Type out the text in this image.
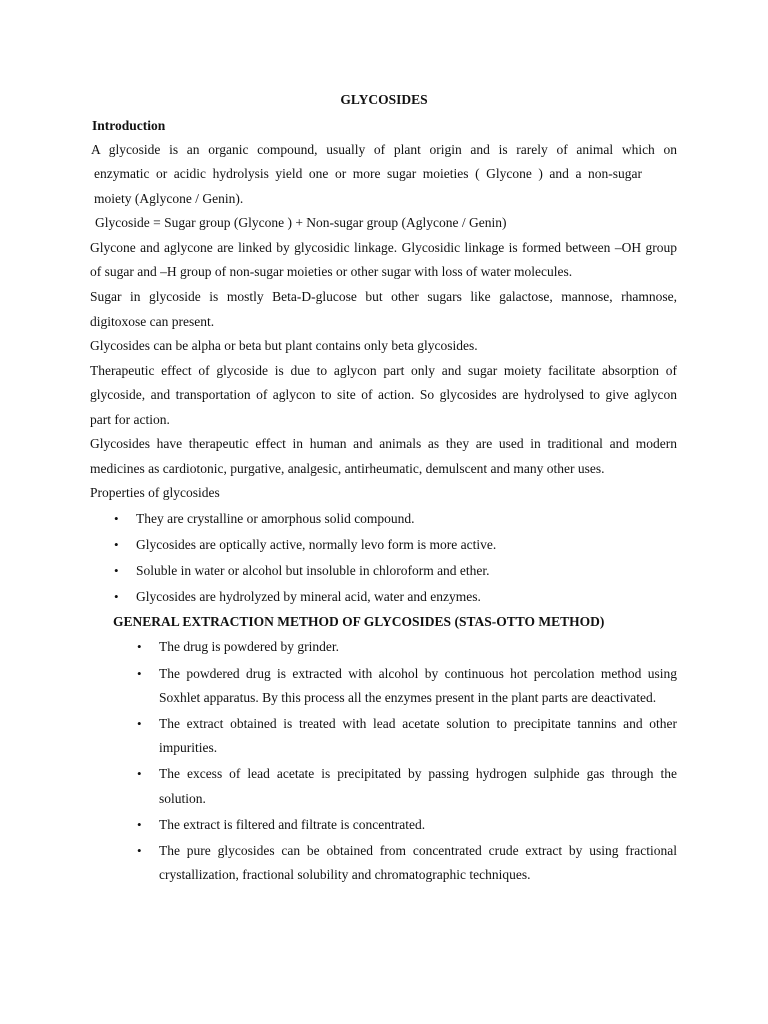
GLYCOSIDES
Introduction
A glycoside is an organic compound, usually of plant origin and is rarely of animal which on
enzymatic or acidic hydrolysis yield one or more sugar moieties ( Glycone ) and a non-sugar
moiety (Aglycone / Genin).
Glycoside = Sugar group (Glycone ) + Non-sugar group (Aglycone / Genin)
Glycone and aglycone are linked by glycosidic linkage. Glycosidic linkage is formed between –OH group
of sugar and –H group of non-sugar moieties or other sugar with loss of water molecules.
Sugar in glycoside is mostly Beta-D-glucose but other sugars like galactose, mannose, rhamnose,
digitoxose can present.
Glycosides can be alpha or beta but plant contains only beta glycosides.
Therapeutic effect of glycoside is due to aglycon part only and sugar moiety facilitate absorption of
glycoside, and transportation of aglycon to site of action. So glycosides are hydrolysed to give aglycon
part for action.
Glycosides have therapeutic effect in human and animals as they are used in traditional and modern
medicines as cardiotonic, purgative, analgesic, antirheumatic, demulscent and many other uses.
Properties of glycosides
•	They are crystalline or amorphous solid compound.
•	Glycosides are optically active, normally levo form is more active.
•	Soluble in water or alcohol but insoluble in chloroform and ether.
•	Glycosides are hydrolyzed by mineral acid, water and enzymes.
GENERAL EXTRACTION METHOD OF GLYCOSIDES (STAS-OTTO METHOD)
•	The drug is powdered by grinder.
•	The powdered drug is extracted with alcohol by continuous hot percolation method using
Soxhlet apparatus. By this process all the enzymes present in the plant parts are deactivated.
•	The extract obtained is treated with lead acetate solution to precipitate tannins and other
impurities.
•	The excess of lead acetate is precipitated by passing hydrogen sulphide gas through the
solution.
•	The extract is filtered and filtrate is concentrated.
•	The pure glycosides can be obtained from concentrated crude extract by using fractional
crystallization, fractional solubility and chromatographic techniques.
